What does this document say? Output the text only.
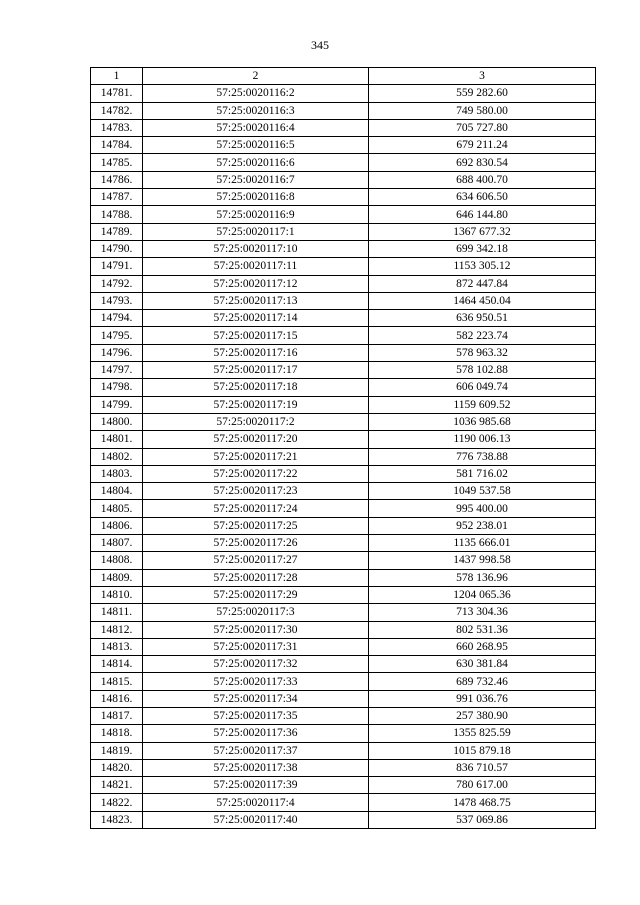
345
1	2	3
14781.	57:25:0020116:2	559 282.60
14782.	57:25:0020116:3	749 580.00
14783.	57:25:0020116:4	705 727.80
14784.	57:25:0020116:5	679 211.24
14785.	57:25:0020116:6	692 830.54
14786.	57:25:0020116:7	688 400.70
14787.	57:25:0020116:8	634 606.50
14788.	57:25:0020116:9	646 144.80
14789.	57:25:0020117:1	1367 677.32
14790.	57:25:0020117:10	699 342.18
14791.	57:25:0020117:11	1153 305.12
14792.	57:25:0020117:12	872 447.84
14793.	57:25:0020117:13	1464 450.04
14794.	57:25:0020117:14	636 950.51
14795.	57:25:0020117:15	582 223.74
14796.	57:25:0020117:16	578 963.32
14797.	57:25:0020117:17	578 102.88
14798.	57:25:0020117:18	606 049.74
14799.	57:25:0020117:19	1159 609.52
14800.	57:25:0020117:2	1036 985.68
14801.	57:25:0020117:20	1190 006.13
14802.	57:25:0020117:21	776 738.88
14803.	57:25:0020117:22	581 716.02
14804.	57:25:0020117:23	1049 537.58
14805.	57:25:0020117:24	995 400.00
14806.	57:25:0020117:25	952 238.01
14807.	57:25:0020117:26	1135 666.01
14808.	57:25:0020117:27	1437 998.58
14809.	57:25:0020117:28	578 136.96
14810.	57:25:0020117:29	1204 065.36
14811.	57:25:0020117:3	713 304.36
14812.	57:25:0020117:30	802 531.36
14813.	57:25:0020117:31	660 268.95
14814.	57:25:0020117:32	630 381.84
14815.	57:25:0020117:33	689 732.46
14816.	57:25:0020117:34	991 036.76
14817.	57:25:0020117:35	257 380.90
14818.	57:25:0020117:36	1355 825.59
14819.	57:25:0020117:37	1015 879.18
14820.	57:25:0020117:38	836 710.57
14821.	57:25:0020117:39	780 617.00
14822.	57:25:0020117:4	1478 468.75
14823.	57:25:0020117:40	537 069.86
